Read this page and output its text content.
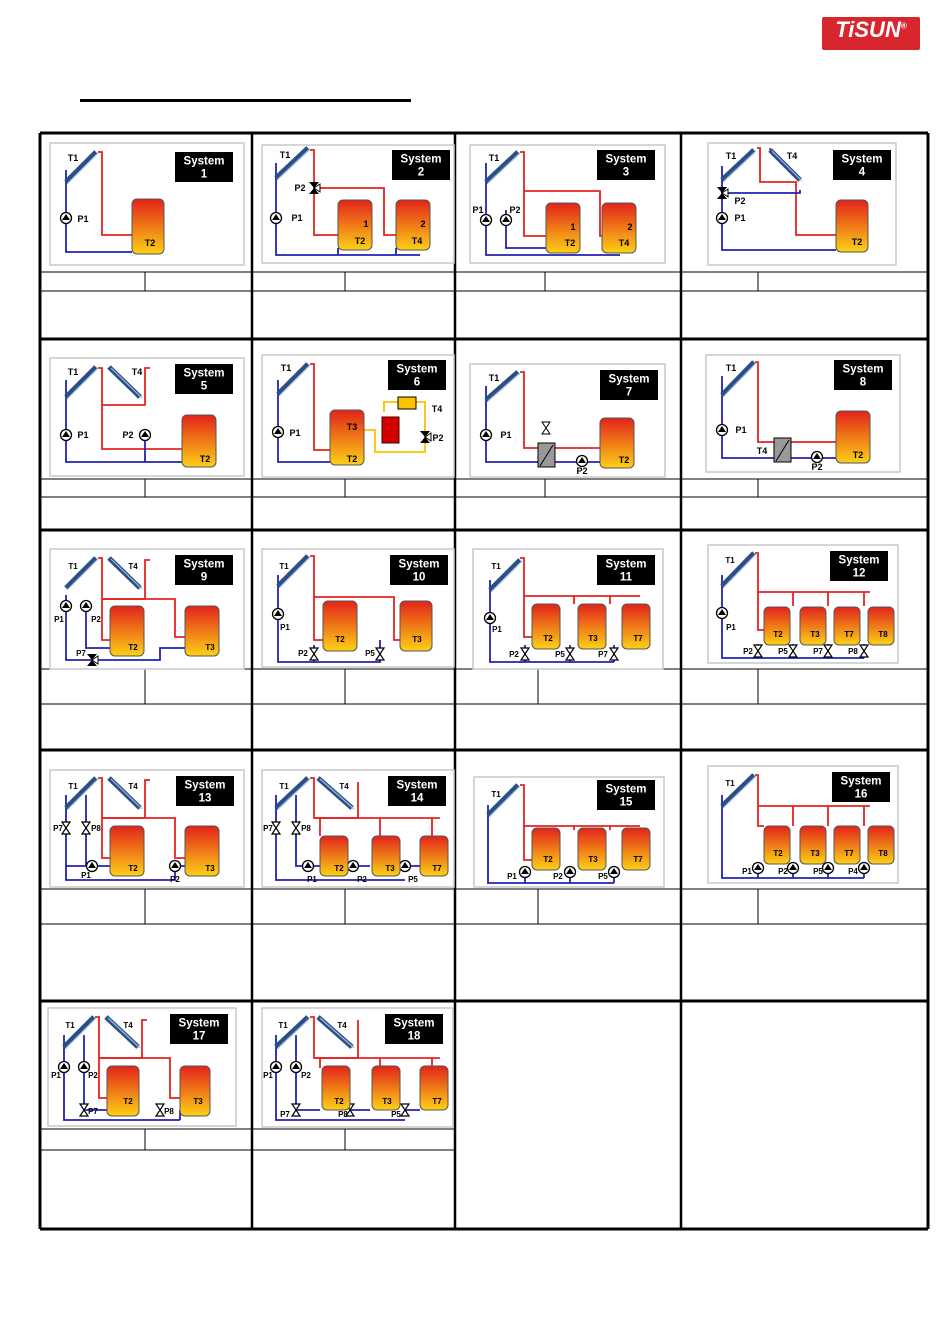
TiSUN®
System
1
T1
P1
T2
System
2
T1
P2
P1
1
T2
2
T4
System
3
T1
P1	P2
1
T2
2
T4
System
4
T1	T4
P2
P1
T2
System
5
T1	T4
P1	P2
T2
System
6
T1
P1
T3
T2
T4
P2
System
7
T1
P1
P2
T2
System
8
T1
P1
T4
P2
T2
System
9
T1	T4
P1	P2
T2	T3
P7
System
10
T1
P1
T2	T3
P2	P5
System
11
T1
P1
T2	T3	T7
P2	P5	P7
System
12
T1
P1
T2	T3	T7	T8
P2	P5	P7	P8
System
13
T1	T4
P7	P8
T2	T3
P1	P2
System
14
T1	T4
P7	P8
T2	T3	T7
P1	P2	P5
System
15
T1
T2	T3	T7
P1	P2	P5
System
16
T1
T2	T3	T7	T8
P1	P2	P5	P4
System
17
T1	T4
P1	P2
T2	T3
P7	P8
System
18
T1	T4
P1	P2
T2	T3	T7
P7	P8	P5
